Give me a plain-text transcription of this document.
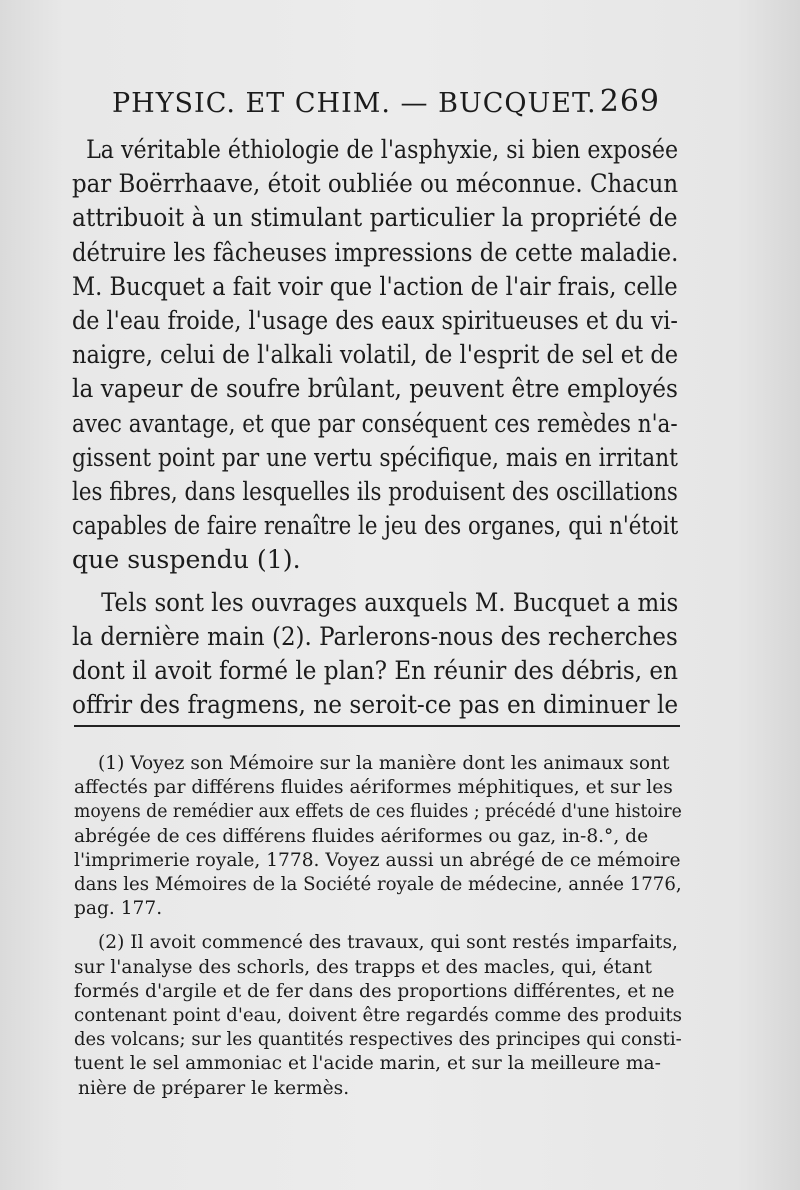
PHYSIC. ET CHIM. — BUCQUET. 269
La véritable éthiologie de l'asphyxie, si bien exposée
par Boërrhaave, étoit oubliée ou méconnue. Chacun
attribuoit à un stimulant particulier la propriété de
détruire les fâcheuses impressions de cette maladie.
M. Bucquet a fait voir que l'action de l'air frais, celle
de l'eau froide, l'usage des eaux spiritueuses et du vi-
naigre, celui de l'alkali volatil, de l'esprit de sel et de
la vapeur de soufre brûlant, peuvent être employés
avec avantage, et que par conséquent ces remèdes n'a-
gissent point par une vertu spécifique, mais en irritant
les fibres, dans lesquelles ils produisent des oscillations
capables de faire renaître le jeu des organes, qui n'étoit
que suspendu (1).
Tels sont les ouvrages auxquels M. Bucquet a mis
la dernière main (2). Parlerons-nous des recherches
dont il avoit formé le plan? En réunir des débris, en
offrir des fragmens, ne seroit-ce pas en diminuer le
(1) Voyez son Mémoire sur la manière dont les animaux sont
affectés par différens fluides aériformes méphitiques, et sur les
moyens de remédier aux effets de ces fluides ; précédé d'une histoire
abrégée de ces différens fluides aériformes ou gaz, in-8.°, de
l'imprimerie royale, 1778. Voyez aussi un abrégé de ce mémoire
dans les Mémoires de la Société royale de médecine, année 1776,
pag. 177.
(2) Il avoit commencé des travaux, qui sont restés imparfaits,
sur l'analyse des schorls, des trapps et des macles, qui, étant
formés d'argile et de fer dans des proportions différentes, et ne
contenant point d'eau, doivent être regardés comme des produits
des volcans; sur les quantités respectives des principes qui consti-
tuent le sel ammoniac et l'acide marin, et sur la meilleure ma-
nière de préparer le kermès.
